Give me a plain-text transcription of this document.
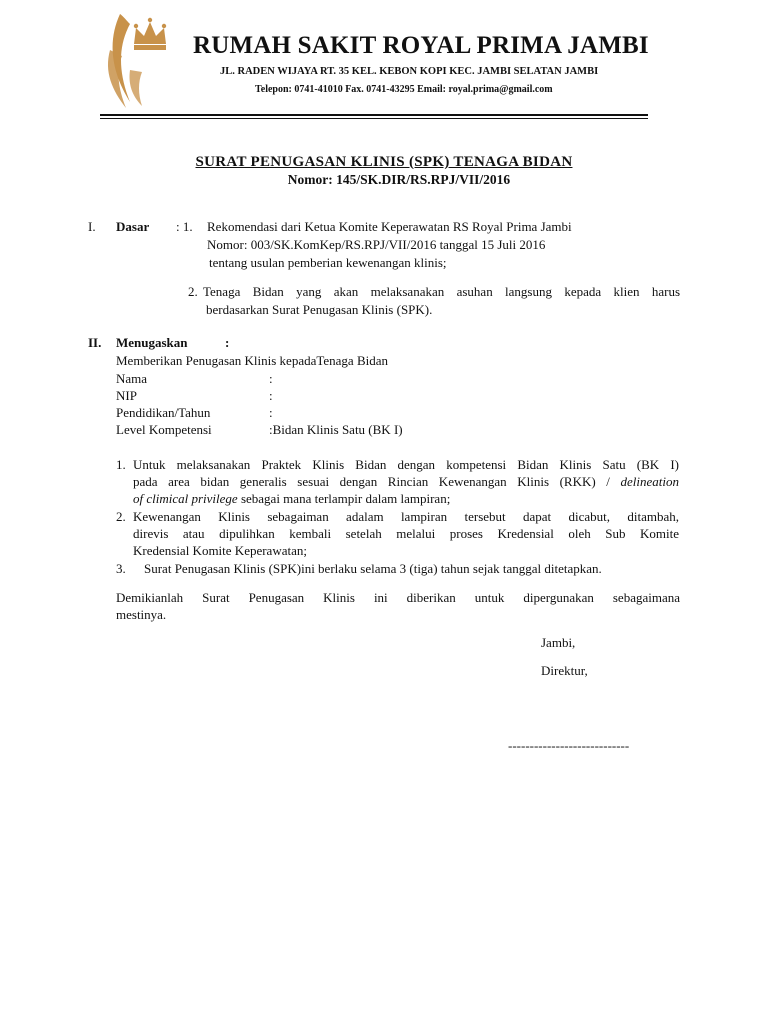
RUMAH SAKIT ROYAL PRIMA JAMBI
JL. RADEN WIJAYA RT. 35 KEL. KEBON KOPI KEC. JAMBI SELATAN JAMBI
Telepon: 0741-41010 Fax. 0741-43295 Email: royal.prima@gmail.com
SURAT PENUGASAN KLINIS (SPK) TENAGA BIDAN
Nomor: 145/SK.DIR/RS.RPJ/VII/2016
I. Dasar : 1. Rekomendasi dari Ketua Komite Keperawatan RS Royal Prima Jambi
Nomor: 003/SK.KomKep/RS.RPJ/VII/2016 tanggal 15 Juli 2016
tentang usulan pemberian kewenangan klinis;
2. Tenaga Bidan yang akan melaksanakan asuhan langsung kepada klien harus
berdasarkan Surat Penugasan Klinis (SPK).
II. Menugaskan	:
Memberikan Penugasan Klinis kepadaTenaga Bidan
Nama	:
NIP	:
Pendidikan/Tahun	:
Level Kompetensi	:Bidan Klinis Satu (BK I)
1. Untuk melaksanakan Praktek Klinis Bidan dengan kompetensi Bidan Klinis Satu (BK I)
pada area bidan generalis sesuai dengan Rincian Kewenangan Klinis (RKK) / delineation
of climical privilege sebagai mana terlampir dalam lampiran;
2. Kewenangan Klinis sebagaiman adalam lampiran tersebut dapat dicabut, ditambah,
direvis atau dipulihkan kembali setelah melalui proses Kredensial oleh Sub Komite
Kredensial Komite Keperawatan;
3. Surat Penugasan Klinis (SPK)ini berlaku selama 3 (tiga) tahun sejak tanggal ditetapkan.
Demikianlah Surat Penugasan Klinis ini diberikan untuk dipergunakan sebagaimana
mestinya.
Jambi,
Direktur,
----------------------------
